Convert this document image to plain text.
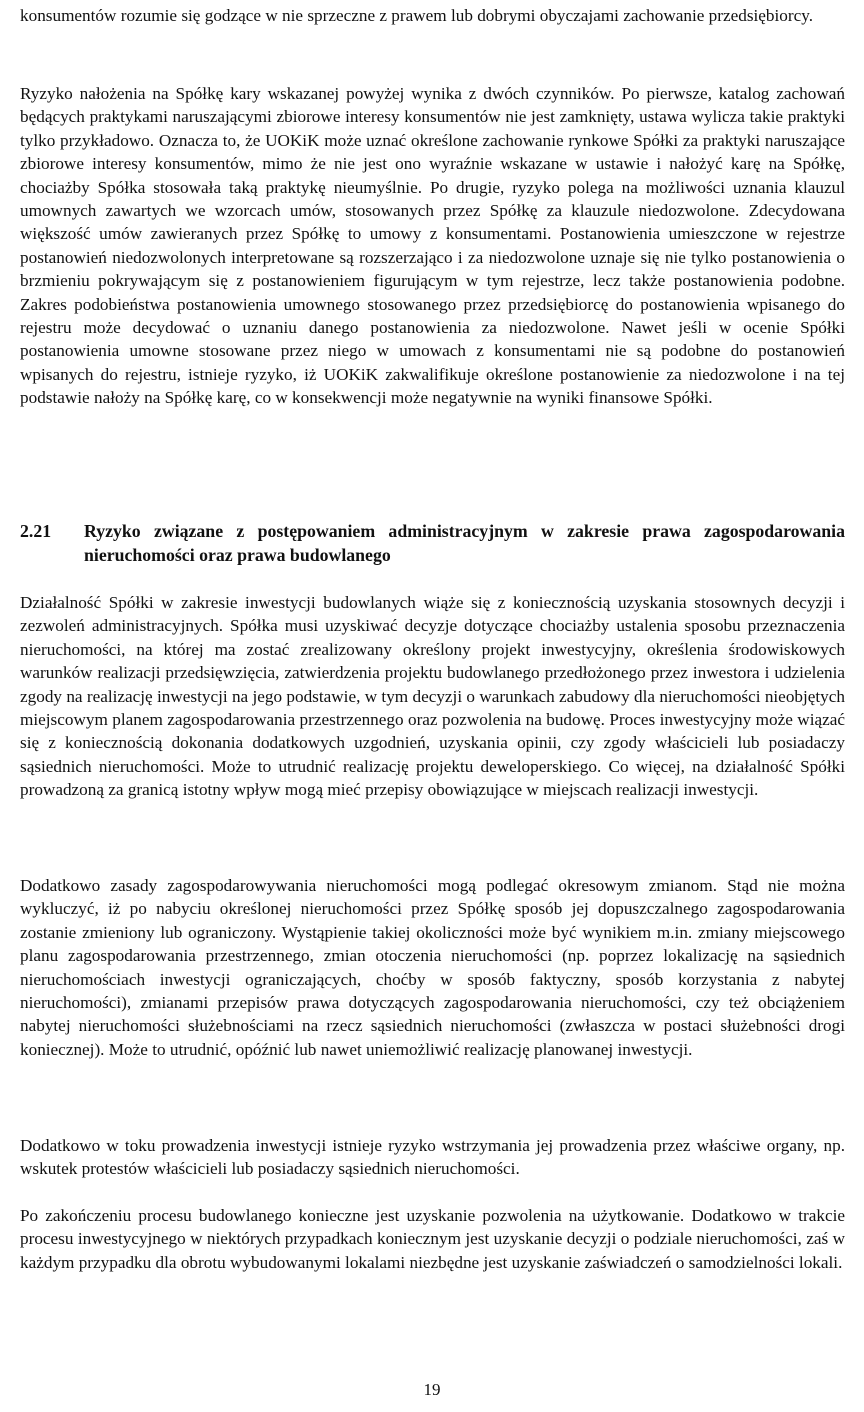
konsumentów rozumie się godzące w nie sprzeczne z prawem lub dobrymi obyczajami zachowanie przedsiębiorcy.

Ryzyko nałożenia na Spółkę kary wskazanej powyżej wynika z dwóch czynników. Po pierwsze, katalog zachowań będących praktykami naruszającymi zbiorowe interesy konsumentów nie jest zamknięty, ustawa wylicza takie praktyki tylko przykładowo. Oznacza to, że UOKiK może uznać określone zachowanie rynkowe Spółki za praktyki naruszające zbiorowe interesy konsumentów, mimo że nie jest ono wyraźnie wskazane w ustawie i nałożyć karę na Spółkę, chociażby Spółka stosowała taką praktykę nieumyślnie. Po drugie, ryzyko polega na możliwości uznania klauzul umownych zawartych we wzorcach umów, stosowanych przez Spółkę za klauzule niedozwolone. Zdecydowana większość umów zawieranych przez Spółkę to umowy z konsumentami. Postanowienia umieszczone w rejestrze postanowień niedozwolonych interpretowane są rozszerzająco i za niedozwolone uznaje się nie tylko postanowienia o brzmieniu pokrywającym się z postanowieniem figurującym w tym rejestrze, lecz także postanowienia podobne. Zakres podobieństwa postanowienia umownego stosowanego przez przedsiębiorcę do postanowienia wpisanego do rejestru może decydować o uznaniu danego postanowienia za niedozwolone. Nawet jeśli w ocenie Spółki postanowienia umowne stosowane przez niego w umowach z konsumentami nie są podobne do postanowień wpisanych do rejestru, istnieje ryzyko, iż UOKiK zakwalifikuje określone postanowienie za niedozwolone i na tej podstawie nałoży na Spółkę karę, co w konsekwencji może negatywnie na wyniki finansowe Spółki.

2.21 Ryzyko związane z postępowaniem administracyjnym w zakresie prawa zagospodarowania nieruchomości oraz prawa budowlanego

Działalność Spółki w zakresie inwestycji budowlanych wiąże się z koniecznością uzyskania stosownych decyzji i zezwoleń administracyjnych. Spółka musi uzyskiwać decyzje dotyczące chociażby ustalenia sposobu przeznaczenia nieruchomości, na której ma zostać zrealizowany określony projekt inwestycyjny, określenia środowiskowych warunków realizacji przedsięwzięcia, zatwierdzenia projektu budowlanego przedłożonego przez inwestora i udzielenia zgody na realizację inwestycji na jego podstawie, w tym decyzji o warunkach zabudowy dla nieruchomości nieobjętych miejscowym planem zagospodarowania przestrzennego oraz pozwolenia na budowę. Proces inwestycyjny może wiązać się z koniecznością dokonania dodatkowych uzgodnień, uzyskania opinii, czy zgody właścicieli lub posiadaczy sąsiednich nieruchomości. Może to utrudnić realizację projektu deweloperskiego. Co więcej, na działalność Spółki prowadzoną za granicą istotny wpływ mogą mieć przepisy obowiązujące w miejscach realizacji inwestycji.

Dodatkowo zasady zagospodarowywania nieruchomości mogą podlegać okresowym zmianom. Stąd nie można wykluczyć, iż po nabyciu określonej nieruchomości przez Spółkę sposób jej dopuszczalnego zagospodarowania zostanie zmieniony lub ograniczony. Wystąpienie takiej okoliczności może być wynikiem m.in. zmiany miejscowego planu zagospodarowania przestrzennego, zmian otoczenia nieruchomości (np. poprzez lokalizację na sąsiednich nieruchomościach inwestycji ograniczających, choćby w sposób faktyczny, sposób korzystania z nabytej nieruchomości), zmianami przepisów prawa dotyczących zagospodarowania nieruchomości, czy też obciążeniem nabytej nieruchomości służebnościami na rzecz sąsiednich nieruchomości (zwłaszcza w postaci służebności drogi koniecznej). Może to utrudnić, opóźnić lub nawet uniemożliwić realizację planowanej inwestycji.

Dodatkowo w toku prowadzenia inwestycji istnieje ryzyko wstrzymania jej prowadzenia przez właściwe organy, np. wskutek protestów właścicieli lub posiadaczy sąsiednich nieruchomości.

Po zakończeniu procesu budowlanego konieczne jest uzyskanie pozwolenia na użytkowanie. Dodatkowo w trakcie procesu inwestycyjnego w niektórych przypadkach koniecznym jest uzyskanie decyzji o podziale nieruchomości, zaś w każdym przypadku dla obrotu wybudowanymi lokalami niezbędne jest uzyskanie zaświadczeń o samodzielności lokali.

19
